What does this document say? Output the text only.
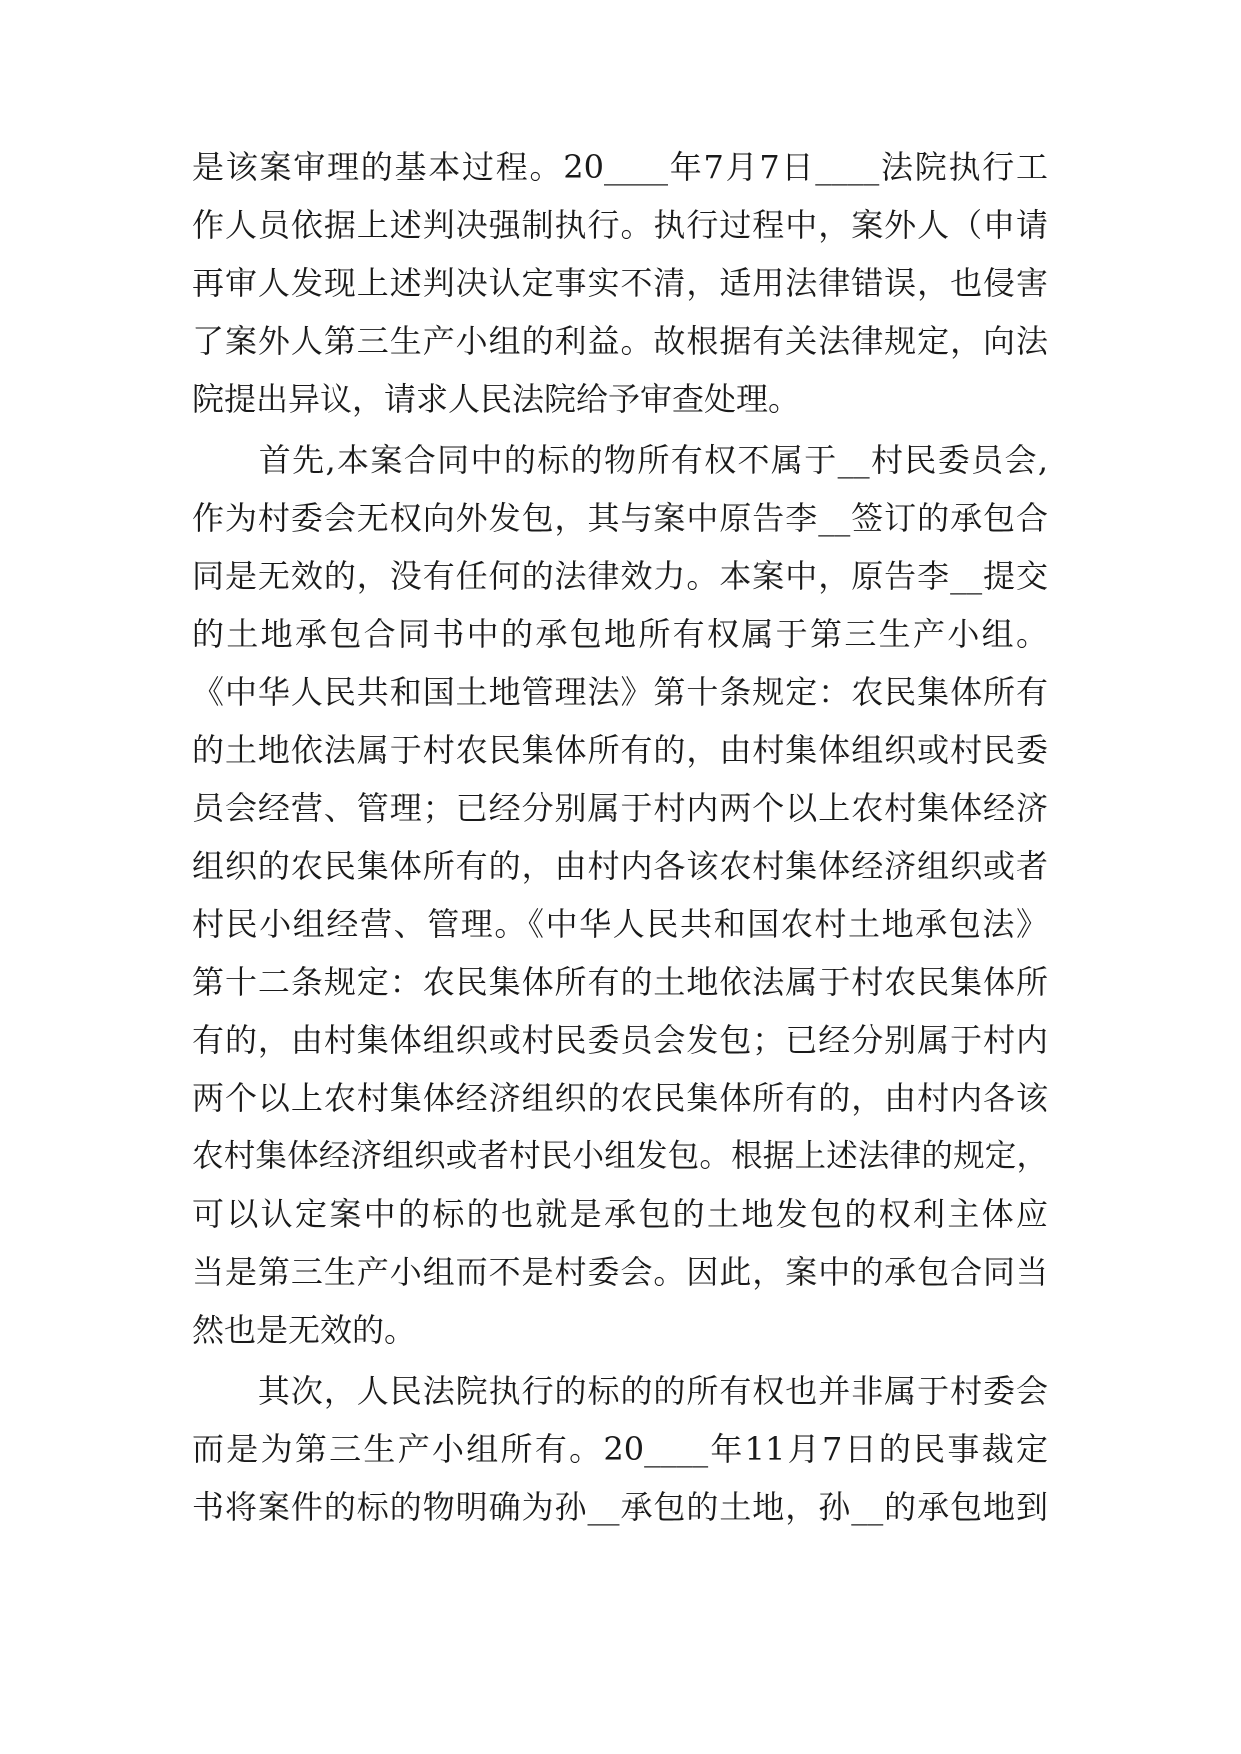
是该案审理的基本过程。20____年7月7日____法院执行工
作人员依据上述判决强制执行。执行过程中，案外人（申请
再审人发现上述判决认定事实不清，适用法律错误，也侵害
了案外人第三生产小组的利益。故根据有关法律规定，向法
院提出异议，请求人民法院给予审查处理。
　　首先,本案合同中的标的物所有权不属于__村民委员会,
作为村委会无权向外发包，其与案中原告李__签订的承包合
同是无效的，没有任何的法律效力。本案中，原告李__提交
的土地承包合同书中的承包地所有权属于第三生产小组。
《中华人民共和国土地管理法》第十条规定：农民集体所有
的土地依法属于村农民集体所有的，由村集体组织或村民委
员会经营、管理；已经分别属于村内两个以上农村集体经济
组织的农民集体所有的，由村内各该农村集体经济组织或者
村民小组经营、管理。《中华人民共和国农村土地承包法》
第十二条规定：农民集体所有的土地依法属于村农民集体所
有的，由村集体组织或村民委员会发包；已经分别属于村内
两个以上农村集体经济组织的农民集体所有的，由村内各该
农村集体经济组织或者村民小组发包。根据上述法律的规定，
可以认定案中的标的也就是承包的土地发包的权利主体应
当是第三生产小组而不是村委会。因此，案中的承包合同当
然也是无效的。
　　其次，人民法院执行的标的的所有权也并非属于村委会
而是为第三生产小组所有。20____年11月7日的民事裁定
书将案件的标的物明确为孙__承包的土地，孙__的承包地到
